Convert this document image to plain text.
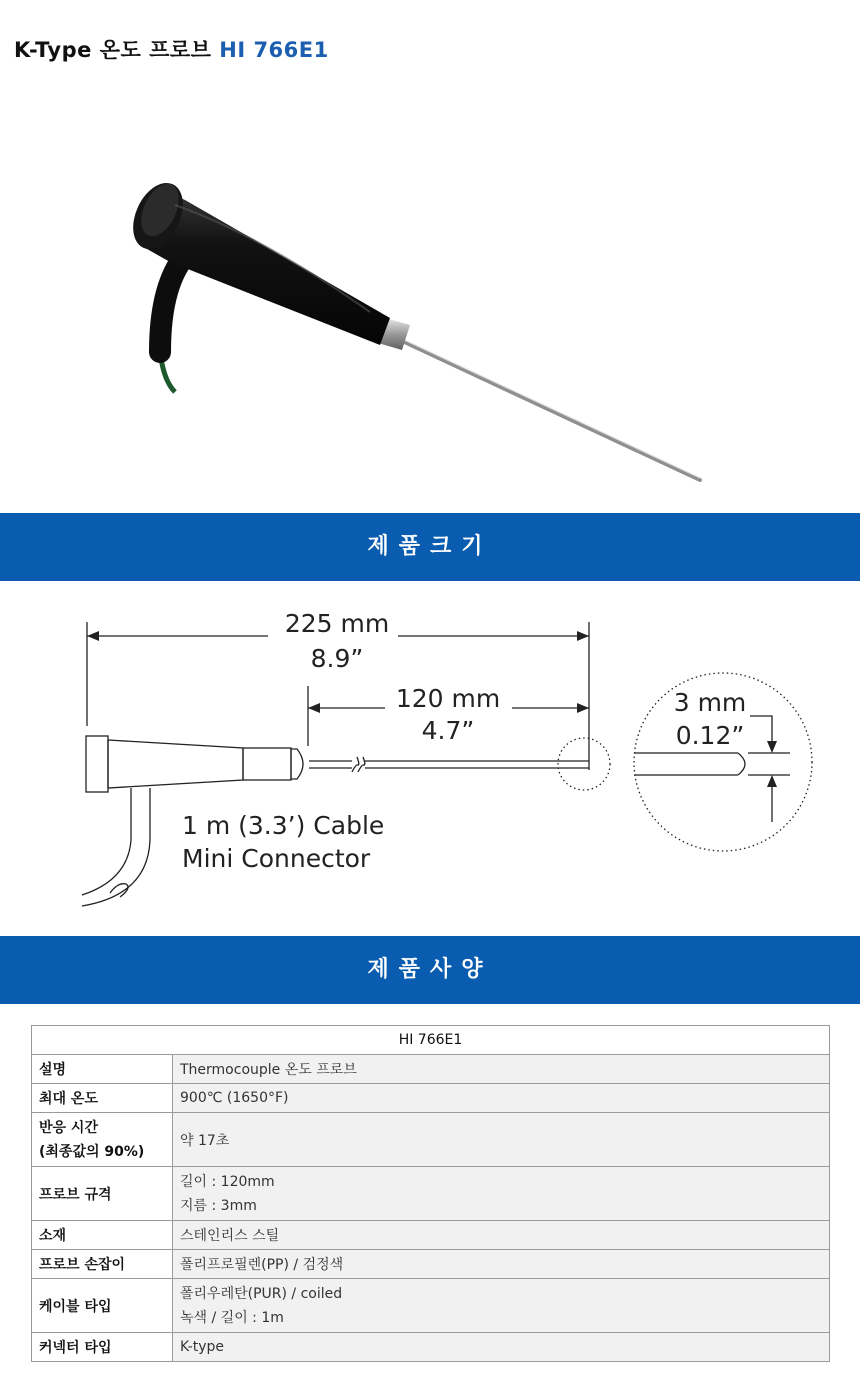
K-Type 온도 프로브 HI 766E1
제품크기
225 mm
8.9”
120 mm
4.7”
3 mm
0.12”
1 m (3.3’) Cable
Mini Connector
제품사양
HI 766E1	
설명	Thermocouple 온도 프로브
최대 온도	900℃ (1650°F)

반응 시간
(최종값의 90%)	약 17초
프로브 규격	길이 : 120mm
지름 : 3mm

소재	스테인리스 스틸
프로브 손잡이	폴리프로필렌(PP) / 검정색
케이블 타입	폴리우레탄(PUR) / coiled
녹색 / 길이 : 1m

커넥터 타입	K-type
